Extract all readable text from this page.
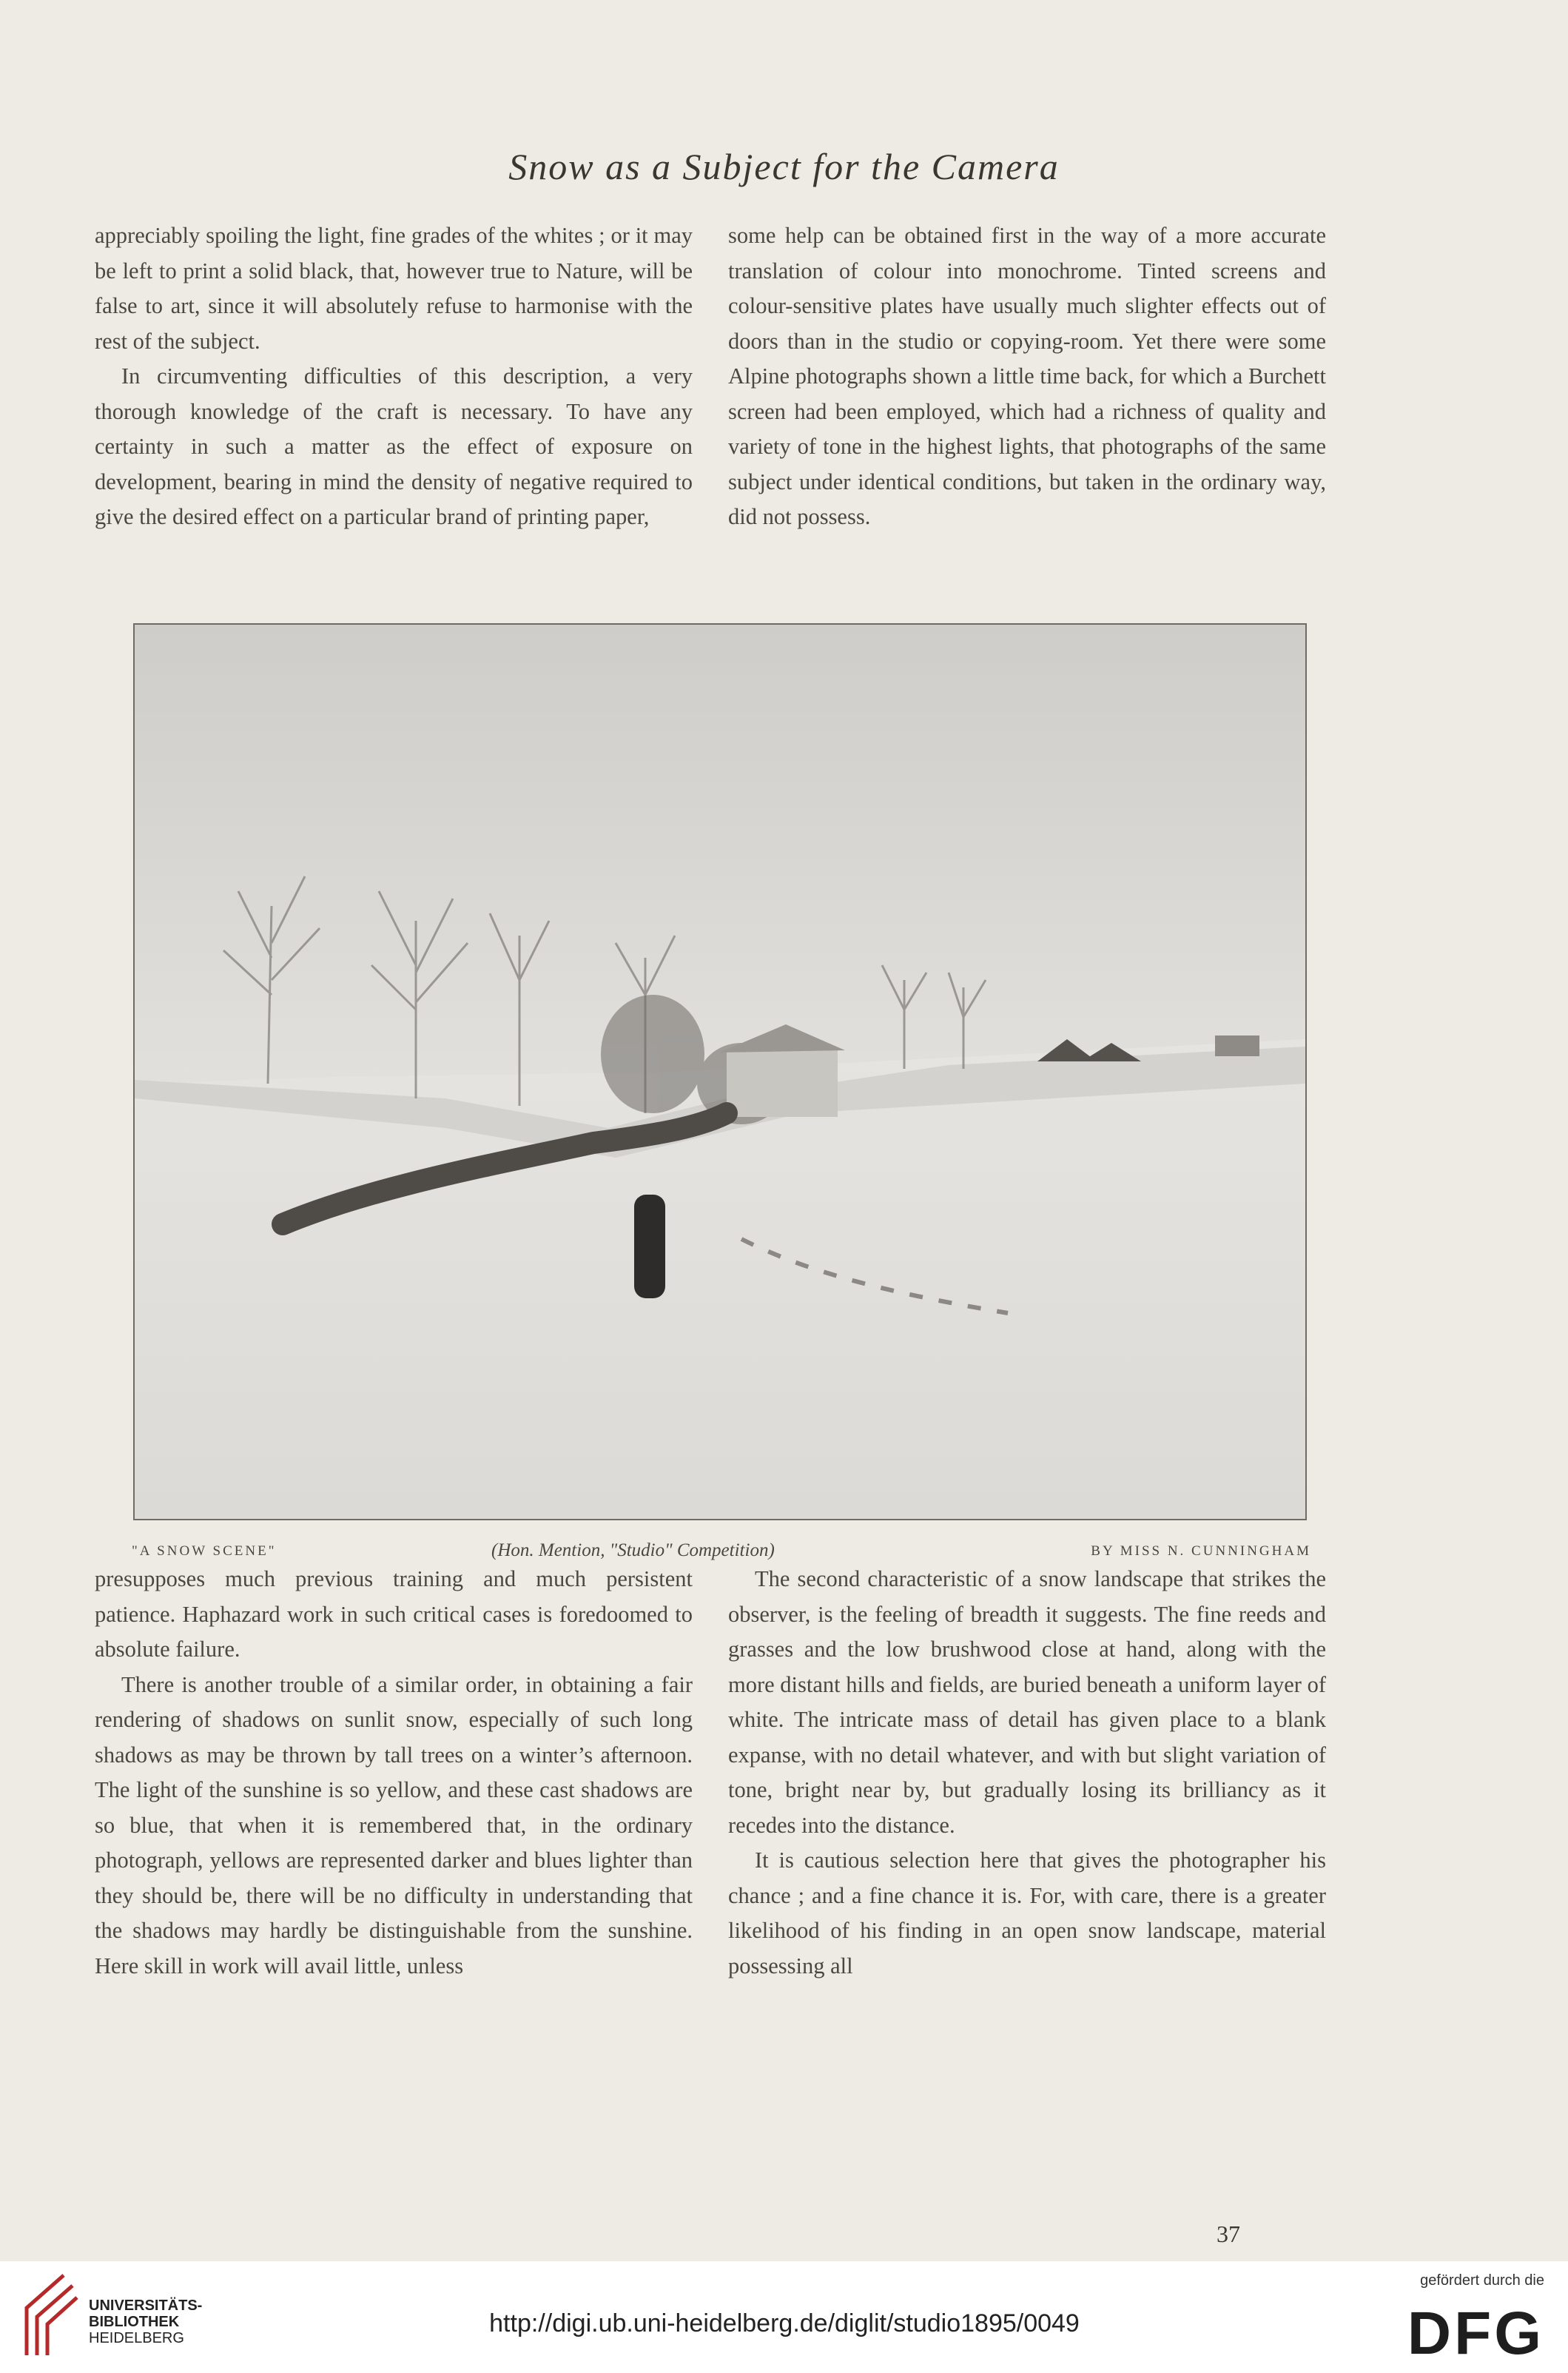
Snow as a Subject for the Camera

appreciably spoiling the light, fine grades of the whites ; or it may be left to print a solid black, that, however true to Nature, will be false to art, since it will absolutely refuse to harmonise with the rest of the subject.

In circumventing difficulties of this description, a very thorough knowledge of the craft is necessary. To have any certainty in such a matter as the effect of exposure on development, bearing in mind the density of negative required to give the desired effect on a particular brand of printing paper,

some help can be obtained first in the way of a more accurate translation of colour into monochrome. Tinted screens and colour-sensitive plates have usually much slighter effects out of doors than in the studio or copying-room. Yet there were some Alpine photographs shown a little time back, for which a Burchett screen had been employed, which had a richness of quality and variety of tone in the highest lights, that photographs of the same subject under identical conditions, but taken in the ordinary way, did not possess.

"A SNOW SCENE"	(Hon. Mention, "Studio" Competition)	BY MISS N. CUNNINGHAM

presupposes much previous training and much persistent patience. Haphazard work in such critical cases is foredoomed to absolute failure.

There is another trouble of a similar order, in obtaining a fair rendering of shadows on sunlit snow, especially of such long shadows as may be thrown by tall trees on a winter’s afternoon. The light of the sunshine is so yellow, and these cast shadows are so blue, that when it is remembered that, in the ordinary photograph, yellows are represented darker and blues lighter than they should be, there will be no difficulty in understanding that the shadows may hardly be distinguishable from the sunshine. Here skill in work will avail little, unless

The second characteristic of a snow landscape that strikes the observer, is the feeling of breadth it suggests. The fine reeds and grasses and the low brushwood close at hand, along with the more distant hills and fields, are buried beneath a uniform layer of white. The intricate mass of detail has given place to a blank expanse, with no detail whatever, and with but slight variation of tone, bright near by, but gradually losing its brilliancy as it recedes into the distance.

It is cautious selection here that gives the photographer his chance ; and a fine chance it is. For, with care, there is a greater likelihood of his finding in an open snow landscape, material possessing all

37
UNIVERSITÄTS-
BIBLIOTHEK
HEIDELBERG
http://digi.ub.uni-heidelberg.de/diglit/studio1895/0049
gefördert durch die
DFG
